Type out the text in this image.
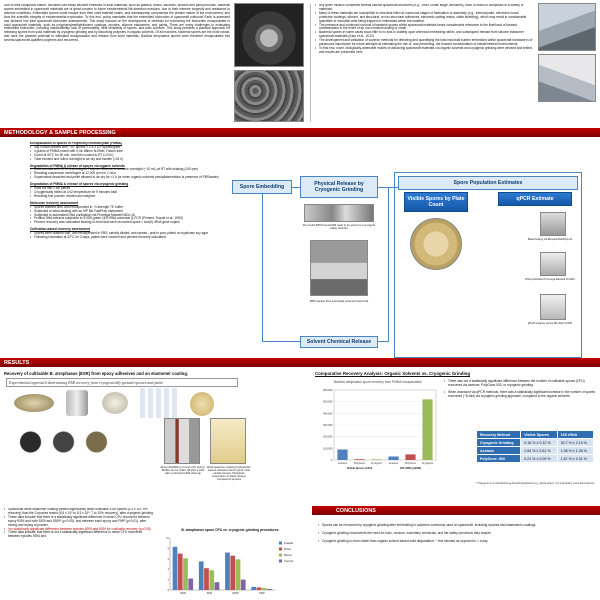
Due to their ubiquitous nature, microbes can easily become entrained in solid materials, such as plastics, resins, silicones, epoxies and paint products. Bacterial spores embedded in spacecraft materials are of great concern to future extraterrestrial life detection missions, due to their extreme longevity and resistance to adverse conditions. Embedded spores could escape from their solid material matrix, and subsequently compromise the pristine nature of the environment, and thus the scientific integrity of extraterrestrial exploration. To this end, policy mandates that the embedded bioburden of spacecraft outbound Earth is assessed and factored into total spacecraft bioburden assessments. This study focused on the development of methods for recovering the bioburden encapsulated in solid spacecraft materials, such as polyphenylmethylsiloxane coatings, epoxies, silicone elastomers, and paints. There are many challenges to evaluating embedded bioburden, including inaccessibility, lack of permeability, heat sensitivity of spores, and toxic solvents. This study presents a practical approach for releasing spores from solid materials by cryogenic grinding and by dissolving polymers in organic solvents. Of all microbes, bacterial spores are the most robust, and have the greatest potential to withstand encapsulation and release from solid materials. Bacillus atrophaeus spores were therefore encapsulated into several spacecraft-qualified polymers and recovered.
• Any given mission comprises several distinct spacecraft structures (e.g., rover, cruise stage, aeroshell), each of which is composed of a variety of materials.
• Many of these materials are susceptible to microbial influx at numerous stages of fabrication or assembly (e.g., thermal paint, electronic board protective coatings, silicone, and structural, or non-structural adhesives, electronic potting resins, cable shielding), which may result in considerable quantities of microbial cells being trapped or embedded within the material.
• The presence and continued survival of bacterial spores within spacecraft materials bears considerable relevance to the likelihood of forward contamination in the event of an non-nominal landing or crash.
• Bacterial spores in some cases show little to no loss in viability upon chemical embedding within, and subsequent release from silicone elastomer spacecraft materials (Kaur et al., 2012).
• The development and validation of superior methods for detecting and quantifying the total microbial burden embedded within spacecraft hardware is of paramount importance for future attempts at estimating the risk of, and preventing, the forward contamination of extraterrestrial environments.
• To this end, novel, biologically-amenable modes of dissolving spacecraft materials via organic solvents and cryogenic grinding were devised and tested, and results are presented here.
METHODOLOGY & SAMPLE PROCESSING
Encapsulation of spores in Polymethyl methacrylate (PMMA)
• 45g PMMA seeded with ~10⁷ spores = 2.5 x 10⁶ spores/gram
• 4 grams of PMMA mixed with 4 mL 88mm N-Eitrel, Falcon tube
• Cured at 50°C for 90 min, and then cooled to RT (<24 h)
• Tube excised and rolled overnight to air dry and harden (>24 h)
Degradation of PMMA & release of spores via organic solvents
• Solid overlaid with RPM Technologies Polyimer Solvent, or acetone overnight (~10 mL) at RT with shaking (140 rpm)
• Resulting suspension centrifuged at 12,000 rpm for 1 hour
• Supernatant decanted and pellet allowed to air dry for >1 h (or when organic solvents precipitate/residue is presence of PBS/water)
Degradation of PMMA & release of spores via cryogenic grinding
• Solid cut into 1 cm pieces
• Cryogenically milled at LN2 temperature for 9 minutes total
• Resulting fine powder, divided and weighed
Molecular recovery assessment
• Spores washed with, and resuspended in, ½ strength TE buffer
• Subjected to bead-beating with an MP Bio FastPrep instrument
• Subjected to automated DNA purification via Promega Maxwell MDx-16.
• Purified DNA extracts subjected to SYBR-green 16S rRNA universal Q-PCR (Primers: Suzuki et al., 2000)
• Percent recovery was calculated bearing in mind that each recovered spore = two(6) rRNA gene copies
Cultivation-based recovery assessment
• Spores were washed with, and resuspended in PBS, serially diluted, and spread - and/or pour-plated on trypticase soy agar
• Following incubation at 32°C for 3 days, plates were counted and percent recovery calculated.
Spore Embedding	Physical Release by Cryogenic Grinding
Solvent Chemical Release
Spore Population Estimates
Visible Spores by Plate Count
qPCR Estimate
Pre-cooled 6870 Freezer/Mill ready to be ground in a cryogenic milling chamber.
6850 Sample Prep automated powered freezer/mill
Bead beating via Biospec/FastPrep-24
DNA purification Promega Maxwell 16 MDx
qPCR analysis via the Bio-Rad CFX96
RESULTS
Recovery of cultivable B. atrophaeus (ESR) from epoxy adhesives and an elastomer coating.
Experimental approach determining ESR recovery from cryogenically ground epoxies and paint
Epoxy EA9309 (a common OC epoxy). Bottles can be milled; 48 after a solid with a red-tinted ADM shell cap
White elastomer coating (hydrophobic, solvent-resistant) doesn't grind. Note particle bounce: Phosphate suspensions in liquid nitrogen compared to epoxies
• Spacecraft white elastomer coating yielded significantly fewer cultivable ESR spores (5.3 x 10³; 9% recovery) than the 3 epoxies tested (5.5 x 10⁵ to 8.3 x 10⁵; 7 to 10% recovery), after cryogenic grinding.
• These data indicate that there is a statistically significant difference in mean CFU recovered between epoxy 9394 and both 9309 and 9309* (p<0.05), and between each epoxy and PMP (p<0.01), after mixing and drying of powder.
• *no statistically significant difference between epoxies 9309 and 9394 for cultivable recovery (p>0.05)
• These data indicate that there is not a statistically significant difference in mean CFU recovered between epoxies 9394 and
B. atrophaeus spore CFU vs. cryogenic grinding procedures
0
2
4
6
8
10
9309	9394	9309*	PMP
Powder
Dried
Mixed
Control
Comparative Recovery Analysis: Organic Solvents vs. Cryogenic Grinding
Bacillus atrophaeus spore recovery from PMMA encapsulation
0
100,000
200,000
300,000
400,000
500,000
600,000
Acetone	PolyGone Cryogenic	Acetone	PolyGone Cryogenic
Visible Spores (CFU)	16S rRNA (qPCR)
• There was not a statistically significant difference between the number of cultivable spores (CFU) recovered via acetone, PolyGone-500, or cryogenic grinding.
• When assessed via qPCR methods, there was a statistically significant increase in the number of spores recovered (~8-fold) via cryogenic grinding approach, compared to the organic solvents.
Recovery Method	Visible Spores	16S rRNA
Cryogenic Grinding	0.16 % ± 0.12 %	30.7 % ± 2.19 %
Acetone	2.64 % ± 2.61 %	1.06 % ± 1.26 %
PolyGone -500	0.21 % ± 0.09 %	1.67 % ± 0.31 %
† Polygone is a manufacturing dissolving/polisher (e.g. glycol ether). It is proprietary cross-links solvent.
CONCLUSIONS
• Spores can be recovered by cryogenic grinding after embedding in polymers commonly used on spacecraft, including epoxies and elastomeric coatings.
• Cryogenic grinding circumvents the need for toxic, noxious, incendiary chemicals, and the safety provisions they require.
• Cryogenic grinding is much faster than organic solvent-based solid degradation: ~ few minutes as opposed to > a day.
